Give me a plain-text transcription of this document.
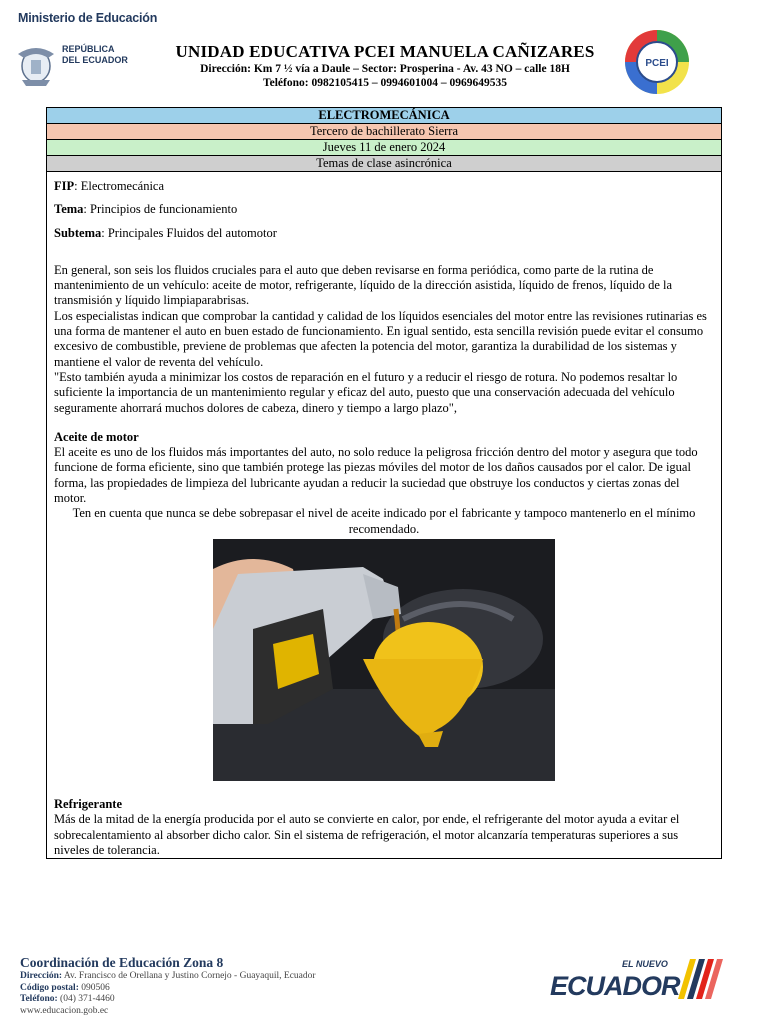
Ministerio de Educación
REPÚBLICA
DEL ECUADOR	UNIDAD EDUCATIVA PCEI MANUELA CAÑIZARES
Dirección: Km 7 ½ vía a Daule – Sector: Prosperina - Av. 43 NO – calle 18H
Teléfono: 0982105415 – 0994601004 – 0969649535
PCEI
ELECTROMECÁNICA
Tercero de bachillerato Sierra
Jueves 11 de enero 2024
Temas de clase asincrónica
FIP: Electromecánica
Tema: Principios de funcionamiento
Subtema: Principales Fluidos del automotor

En general, son seis los fluidos cruciales para el auto que deben revisarse en forma periódica, como parte de la rutina de mantenimiento de un vehículo: aceite de motor, refrigerante, líquido de la dirección asistida, líquido de frenos, líquido de la transmisión y líquido limpiaparabrisas.

Los especialistas indican que comprobar la cantidad y calidad de los líquidos esenciales del motor entre las revisiones rutinarias es una forma de mantener el auto en buen estado de funcionamiento. En igual sentido, esta sencilla revisión puede evitar el consumo excesivo de combustible, previene de problemas que afecten la potencia del motor, garantiza la durabilidad de los sistemas y mantiene el valor de reventa del vehículo.

"Esto también ayuda a minimizar los costos de reparación en el futuro y a reducir el riesgo de rotura. No podemos resaltar lo suficiente la importancia de un mantenimiento regular y eficaz del auto, puesto que una conservación adecuada del vehículo seguramente ahorrará muchos dolores de cabeza, dinero y tiempo a largo plazo",

Aceite de motor

El aceite es uno de los fluidos más importantes del auto, no solo reduce la peligrosa fricción dentro del motor y asegura que todo funcione de forma eficiente, sino que también protege las piezas móviles del motor de los daños causados por el calor. De igual forma, las propiedades de limpieza del lubricante ayudan a reducir la suciedad que obstruye los conductos y ciertas zonas del motor.

Ten en cuenta que nunca se debe sobrepasar el nivel de aceite indicado por el fabricante y tampoco mantenerlo en el mínimo recomendado.

Refrigerante

Más de la mitad de la energía producida por el auto se convierte en calor, por ende, el refrigerante del motor ayuda a evitar el sobrecalentamiento al absorber dicho calor. Sin el sistema de refrigeración, el motor alcanzaría temperaturas superiores a sus niveles de tolerancia.

Coordinación de Educación Zona 8
Dirección: Av. Francisco de Orellana y Justino Cornejo - Guayaquil, Ecuador
Código postal: 090506
Teléfono: (04) 371-4460
www.educacion.gob.ec
EL NUEVO
ECUADOR
